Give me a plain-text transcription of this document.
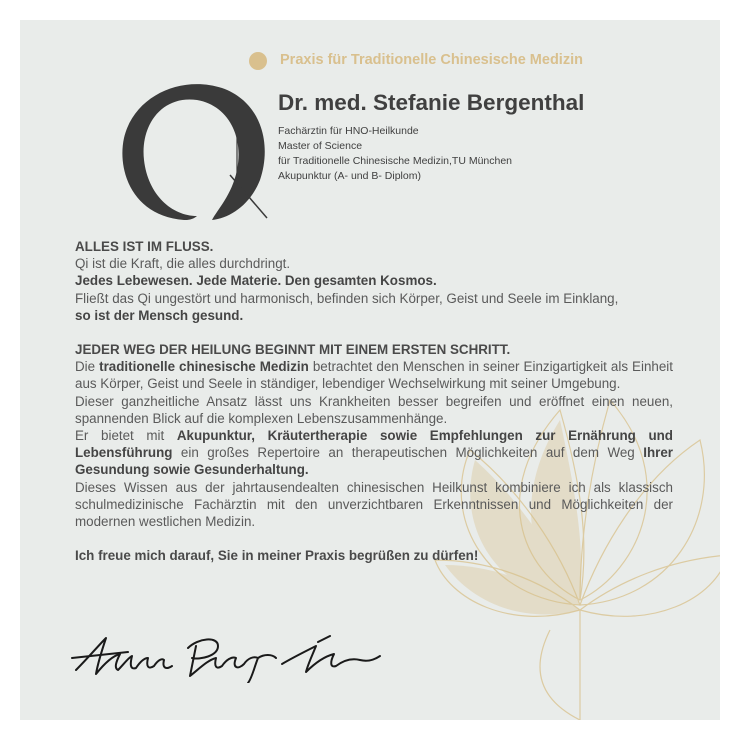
Praxis für Traditionelle Chinesische Medizin
Dr. med. Stefanie Bergenthal
Fachärztin für HNO-Heilkunde
Master of Science
für Traditionelle Chinesische Medizin,TU München
Akupunktur (A- und B- Diplom)

ALLES IST IM FLUSS.

Qi ist die Kraft, die alles durchdringt.

Jedes Lebewesen. Jede Materie. Den gesamten Kosmos.

Fließt das Qi ungestört und harmonisch, befinden sich Körper, Geist und Seele im Einklang,

so ist der Mensch gesund.

JEDER WEG DER HEILUNG BEGINNT MIT EINEM ERSTEN SCHRITT.

Die traditionelle chinesische Medizin betrachtet den Menschen in seiner Einzigartigkeit als Einheit aus Körper, Geist und Seele in ständiger, lebendiger Wechselwirkung mit seiner Umgebung.

Dieser ganzheitliche Ansatz lässt uns Krankheiten besser begreifen und eröffnet einen neuen, spannenden Blick auf die komplexen Lebenszusammenhänge.

Er bietet mit Akupunktur, Kräutertherapie sowie Empfehlungen zur Ernährung und Lebensführung ein großes Repertoire an therapeutischen Möglichkeiten auf dem Weg Ihrer Gesundung sowie Gesunderhaltung.

Dieses Wissen aus der jahrtausendealten chinesischen Heilkunst kombiniere ich als klassisch schulmedizinische Fachärztin mit den unverzichtbaren Erkenntnissen und Möglichkeiten der modernen westlichen Medizin.

Ich freue mich darauf, Sie in meiner Praxis begrüßen zu dürfen!
